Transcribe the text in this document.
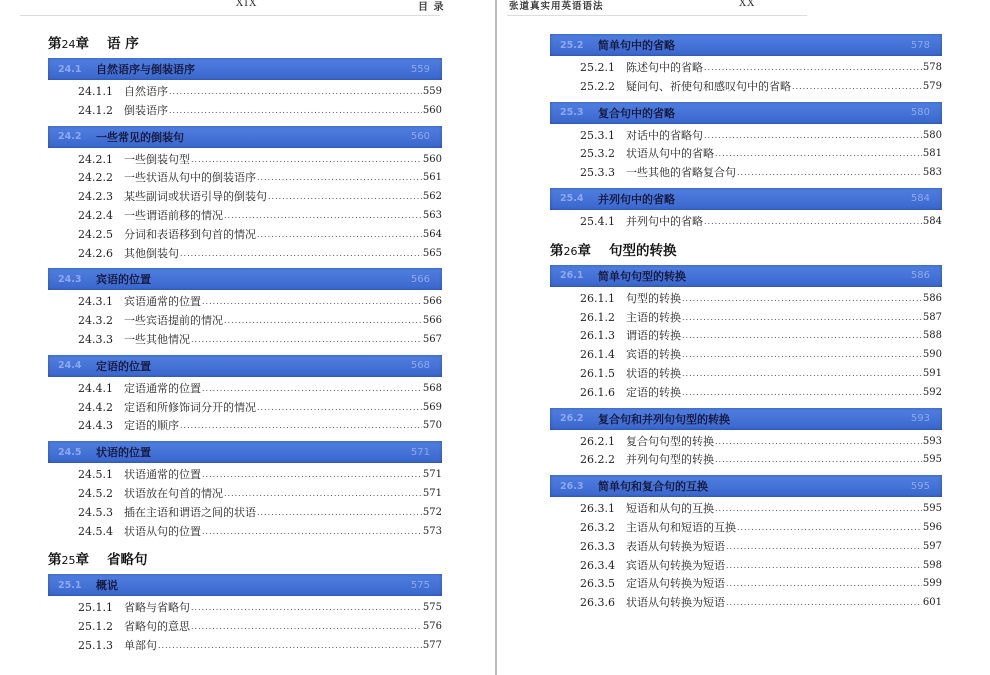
XIX	目 录
第24章 语 序
24.1	自然语序与倒装语序	559
24.1.1	自然语序 .....	559
24.1.2	倒装语序 .....	560
24.2	一些常见的倒装句	560
24.2.1	一些倒装句型 .....	560
24.2.2	一些状语从句中的倒装语序 .....	561
24.2.3	某些副词或状语引导的倒装句 .....	562
24.2.4	一些谓语前移的情况 .....	563
24.2.5	分词和表语移到句首的情况 .....	564
24.2.6	其他倒装句 .....	565
24.3	宾语的位置	566
24.3.1	宾语通常的位置 .....	566
24.3.2	一些宾语提前的情况 .....	566
24.3.3	一些其他情况 .....	567
24.4	定语的位置	568
24.4.1	定语通常的位置 .....	568
24.4.2	定语和所修饰词分开的情况 .....	569
24.4.3	定语的顺序 .....	570
24.5	状语的位置	571
24.5.1	状语通常的位置 .....	571
24.5.2	状语放在句首的情况 .....	571
24.5.3	插在主语和谓语之间的状语 .....	572
24.5.4	状语从句的位置 .....	573
第25章 省略句
25.1	概说	575
25.1.1	省略与省略句 .....	575
25.1.2	省略句的意思 .....	576
25.1.3	单部句 .....	577
张道真实用英语语法	XX
25.2	简单句中的省略	578
25.2.1	陈述句中的省略 .....	578
25.2.2	疑问句、祈使句和感叹句中的省略 .....	579
25.3	复合句中的省略	580
25.3.1	对话中的省略句 .....	580
25.3.2	状语从句中的省略 .....	581
25.3.3	一些其他的省略复合句 .....	583
25.4	并列句中的省略	584
25.4.1	并列句中的省略 .....	584
第26章 句型的转换
26.1	简单句句型的转换	586
26.1.1	句型的转换 .....	586
26.1.2	主语的转换 .....	587
26.1.3	谓语的转换 .....	588
26.1.4	宾语的转换 .....	590
26.1.5	状语的转换 .....	591
26.1.6	定语的转换 .....	592
26.2	复合句和并列句句型的转换	593
26.2.1	复合句句型的转换 .....	593
26.2.2	并列句句型的转换 .....	595
26.3	简单句和复合句的互换	595
26.3.1	短语和从句的互换 .....	595
26.3.2	主语从句和短语的互换 .....	596
26.3.3	表语从句转换为短语 .....	597
26.3.4	宾语从句转换为短语 .....	598
26.3.5	定语从句转换为短语 .....	599
26.3.6	状语从句转换为短语 .....	601
